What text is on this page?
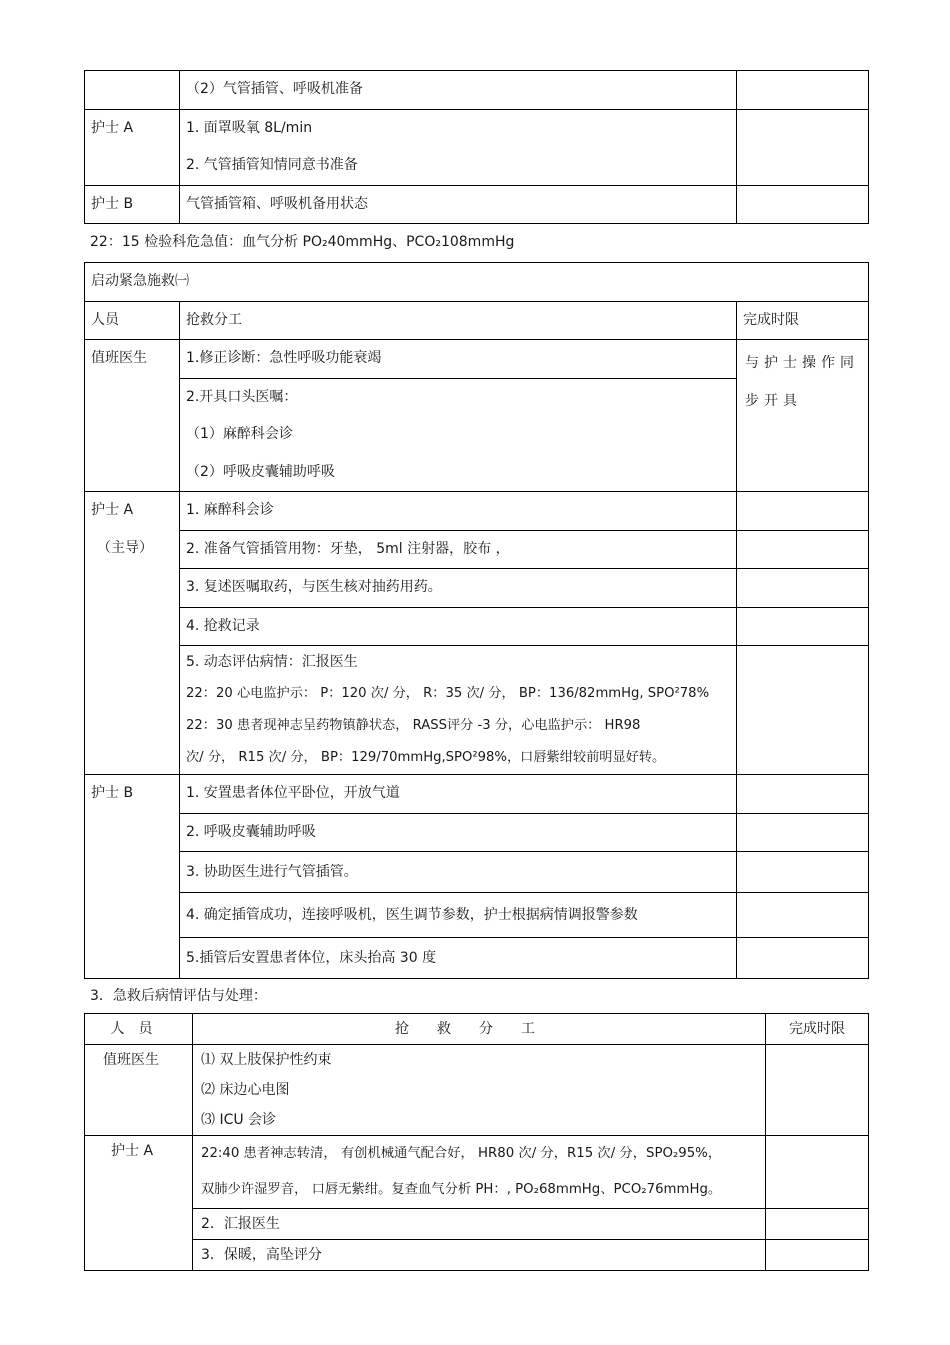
	（2）气管插管、呼吸机准备	

护士 A	1. 面罩吸氧 8L/min
2. 气管插管知情同意书准备	

护士 B	气管插管箱、呼吸机备用状态	

22：15 检验科危急值：血气分析 PO₂40mmHg、PCO₂108mmHg
启动紧急施救㈠		

人员	抢救分工	完成时限

值班医生	1.修正诊断：急性呼吸功能衰竭	与护士操作同
步开具

	2.开具口头医嘱：
（1）麻醉科会诊
（2）呼吸皮囊辅助呼吸	

护士 A
（主导）	1. 麻醉科会诊	

	2. 准备气管插管用物：牙垫， 5ml 注射器，胶布 ，	

	3. 复述医嘱取药，与医生核对抽药用药。	

	4. 抢救记录	

	5. 动态评估病情：汇报医生
22：20 心电监护示： P：120 次/ 分， R：35 次/ 分， BP：136/82mmHg, SPO²78%
22：30 患者现神志呈药物镇静状态， RASS评分 -3 分，心电监护示： HR98
次/ 分， R15 次/ 分， BP：129/70mmHg,SPO²98%，口唇紫绀较前明显好转。	

护士 B	1. 安置患者体位平卧位，开放气道	

	2. 呼吸皮囊辅助呼吸	

	3. 协助医生进行气管插管。	

	4. 确定插管成功，连接呼吸机，医生调节参数，护士根据病情调报警参数	

	5.插管后安置患者体位，床头抬高 30 度	

3．急救后病情评估与处理：
人员	抢救分工	完成时限

值班医生	⑴ 双上肢保护性约束
⑵ 床边心电图
⑶ ICU 会诊	

护士 A	22:40 患者神志转清， 有创机械通气配合好， HR80 次/ 分，R15 次/ 分，SPO₂95%，
双肺少许湿罗音， 口唇无紫绀。复查血气分析 PH：, PO₂68mmHg、PCO₂76mmHg。	

	2．汇报医生	

	3．保暖，高坠评分	
